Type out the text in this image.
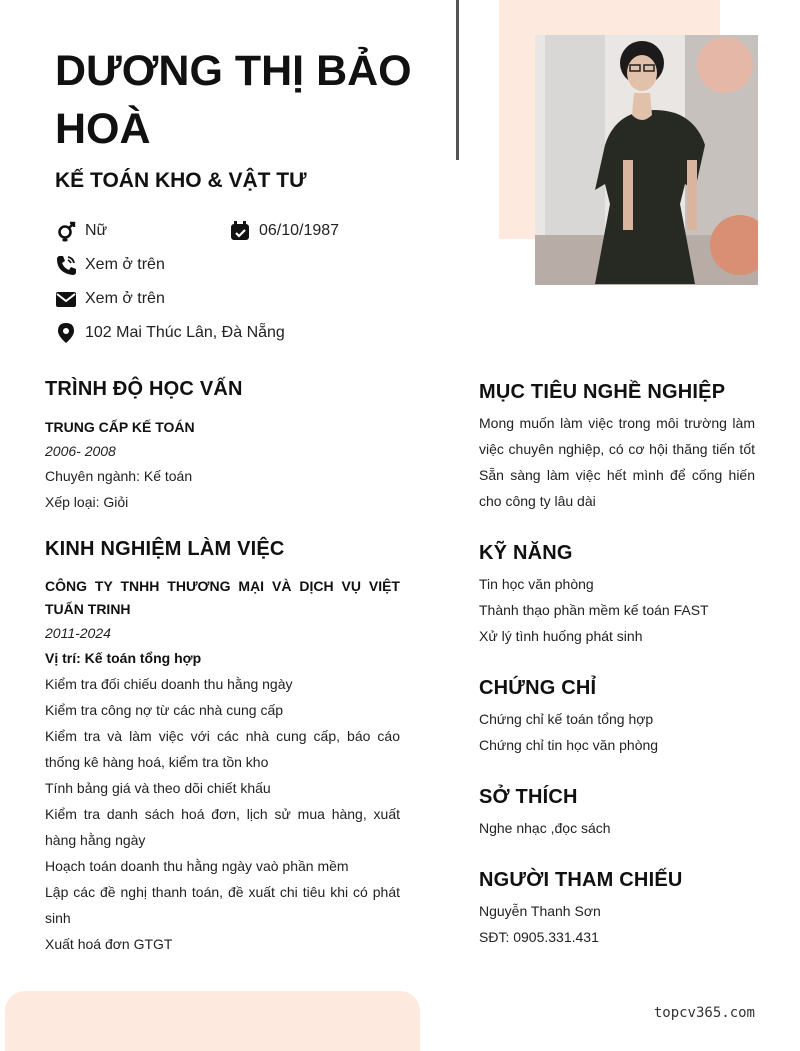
DƯƠNG THỊ BẢO HOÀ
KẾ TOÁN KHO & VẬT TƯ
Nữ	06/10/1987
Xem ở trên
Xem ở trên
102 Mai Thúc Lân, Đà Nẵng
TRÌNH ĐỘ HỌC VẤN

TRUNG CẤP KẾ TOÁN

2006- 2008

Chuyên ngành: Kế toán

Xếp loại: Giỏi

KINH NGHIỆM LÀM VIỆC

CÔNG TY TNHH THƯƠNG MẠI VÀ DỊCH VỤ VIỆT TUẤN TRINH

2011-2024

Vị trí: Kế toán tổng hợp

Kiểm tra đối chiếu doanh thu hằng ngày

Kiểm tra công nợ từ các nhà cung cấp

Kiểm tra và làm việc với các nhà cung cấp, báo cáo thống kê hàng hoá, kiểm tra tồn kho

Tính bảng giá và theo dõi chiết khấu

Kiểm tra danh sách hoá đơn, lịch sử mua hàng, xuất hàng hằng ngày

Hoạch toán doanh thu hằng ngày vaò phần mềm

Lập các đề nghị thanh toán, đề xuất chi tiêu khi có phát sinh

Xuất hoá đơn GTGT

MỤC TIÊU NGHỀ NGHIỆP

Mong muốn làm việc trong môi trường làm việc chuyên nghiệp, có cơ hội thăng tiến tốt Sẵn sàng làm việc hết mình để cống hiến cho công ty lâu dài

KỸ NĂNG

Tin học văn phòng

Thành thạo phần mềm kế toán FAST

Xử lý tình huống phát sinh

CHỨNG CHỈ

Chứng chỉ kế toán tổng hợp

Chứng chỉ tin học văn phòng

SỞ THÍCH

Nghe nhạc ,đọc sách

NGƯỜI THAM CHIẾU

Nguyễn Thanh Sơn

SĐT: 0905.331.431

topcv365.com
